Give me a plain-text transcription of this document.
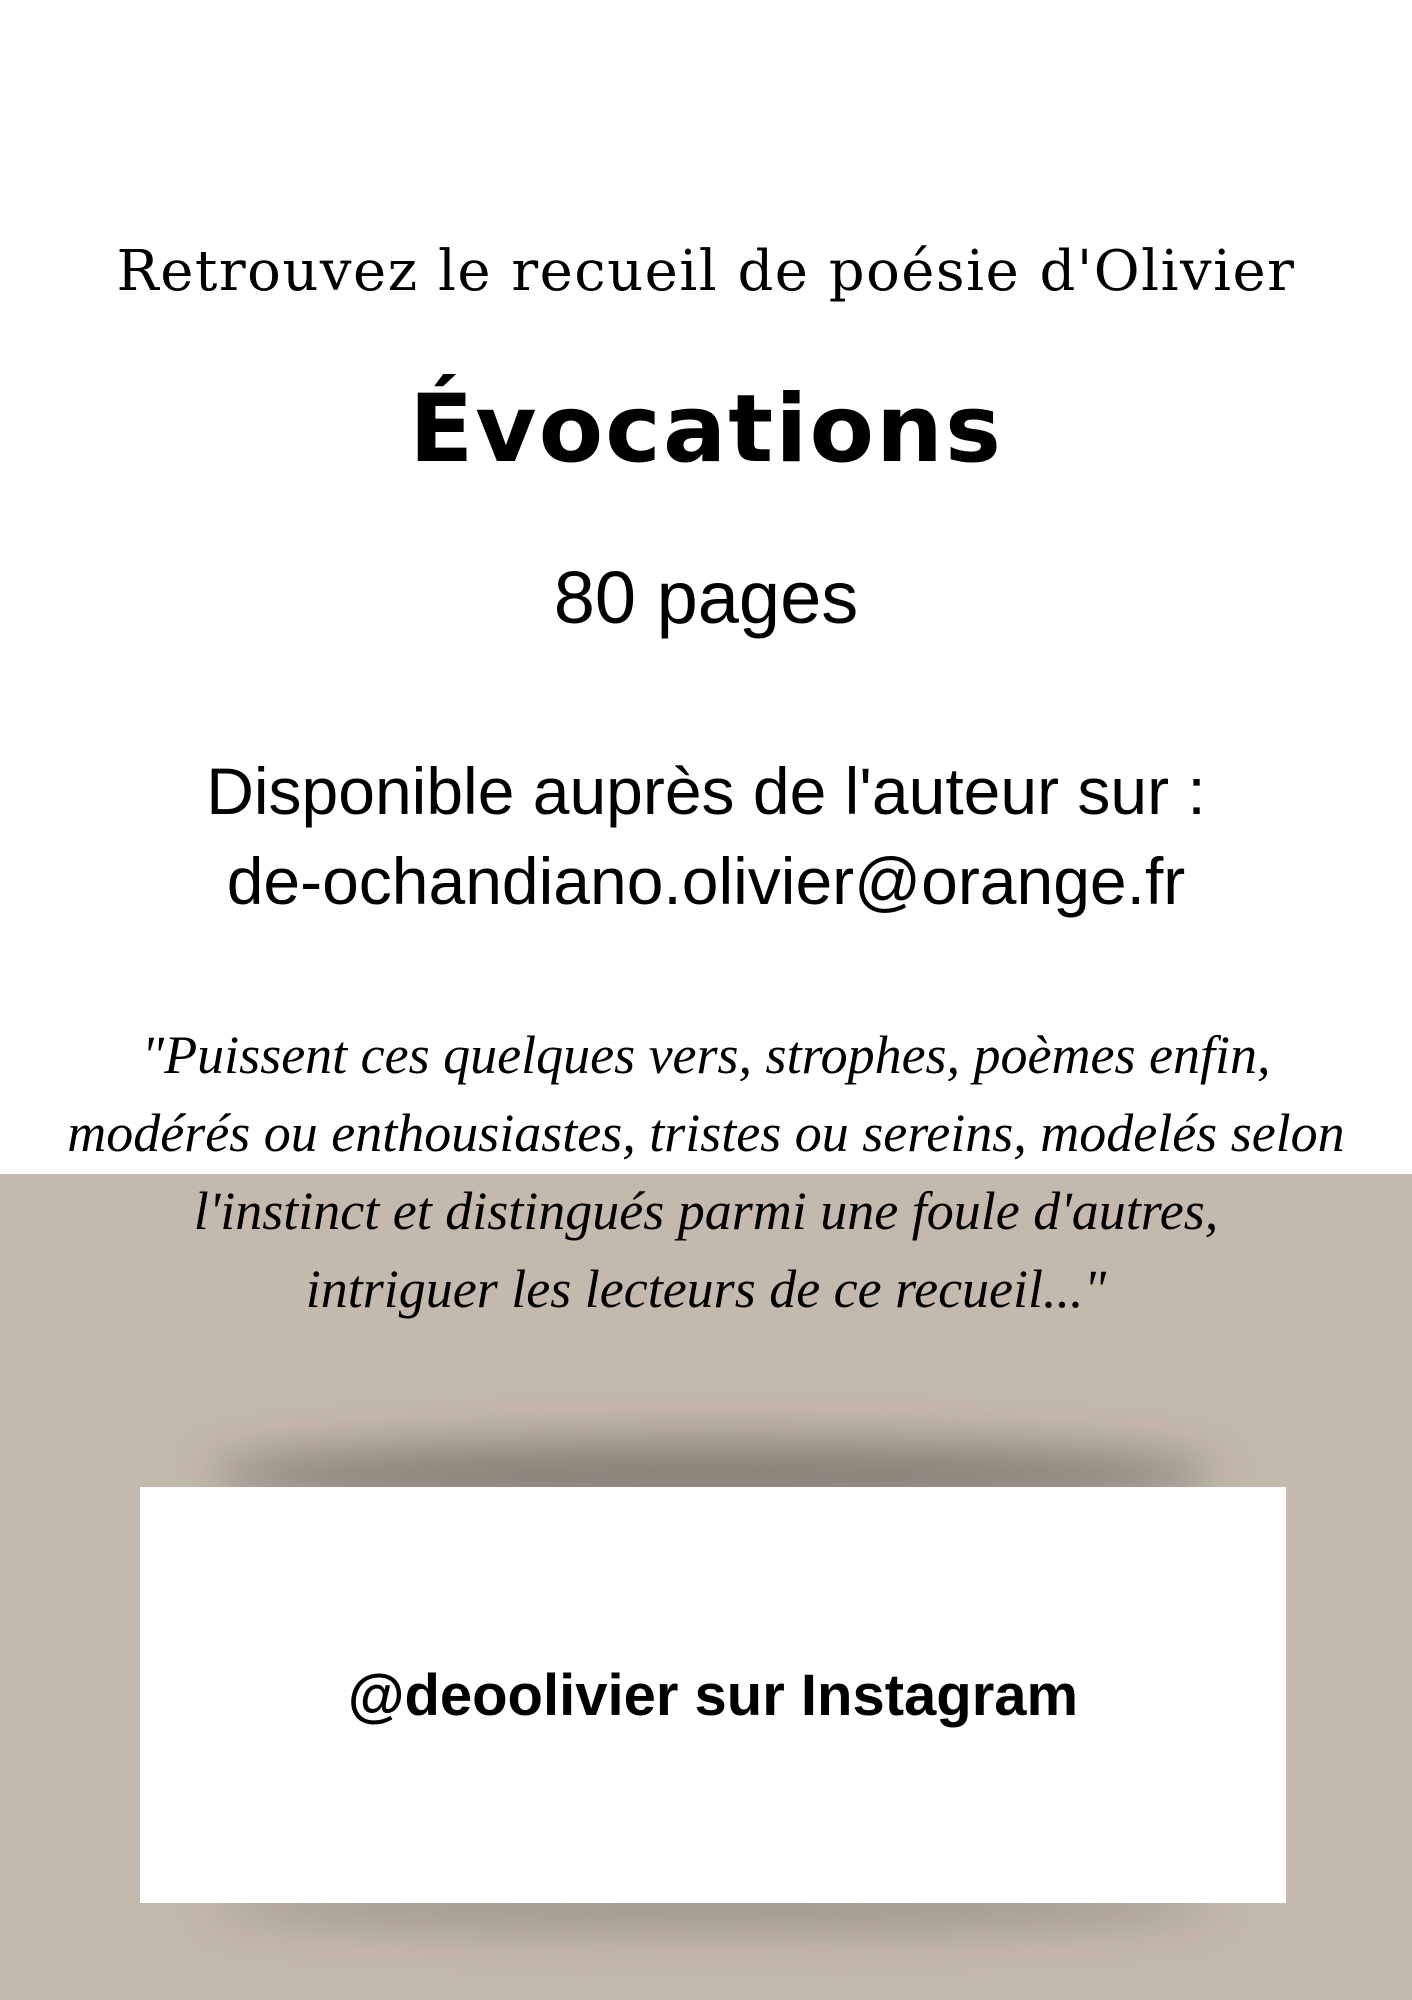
Retrouvez le recueil de poésie d'Olivier
Évocations
80 pages
Disponible auprès de l'auteur sur :
de-ochandiano.olivier@orange.fr
"Puissent ces quelques vers, strophes, poèmes enfin,
modérés ou enthousiastes, tristes ou sereins, modelés selon
l'instinct et distingués parmi une foule d'autres,
intriguer les lecteurs de ce recueil..."
@deoolivier sur Instagram
